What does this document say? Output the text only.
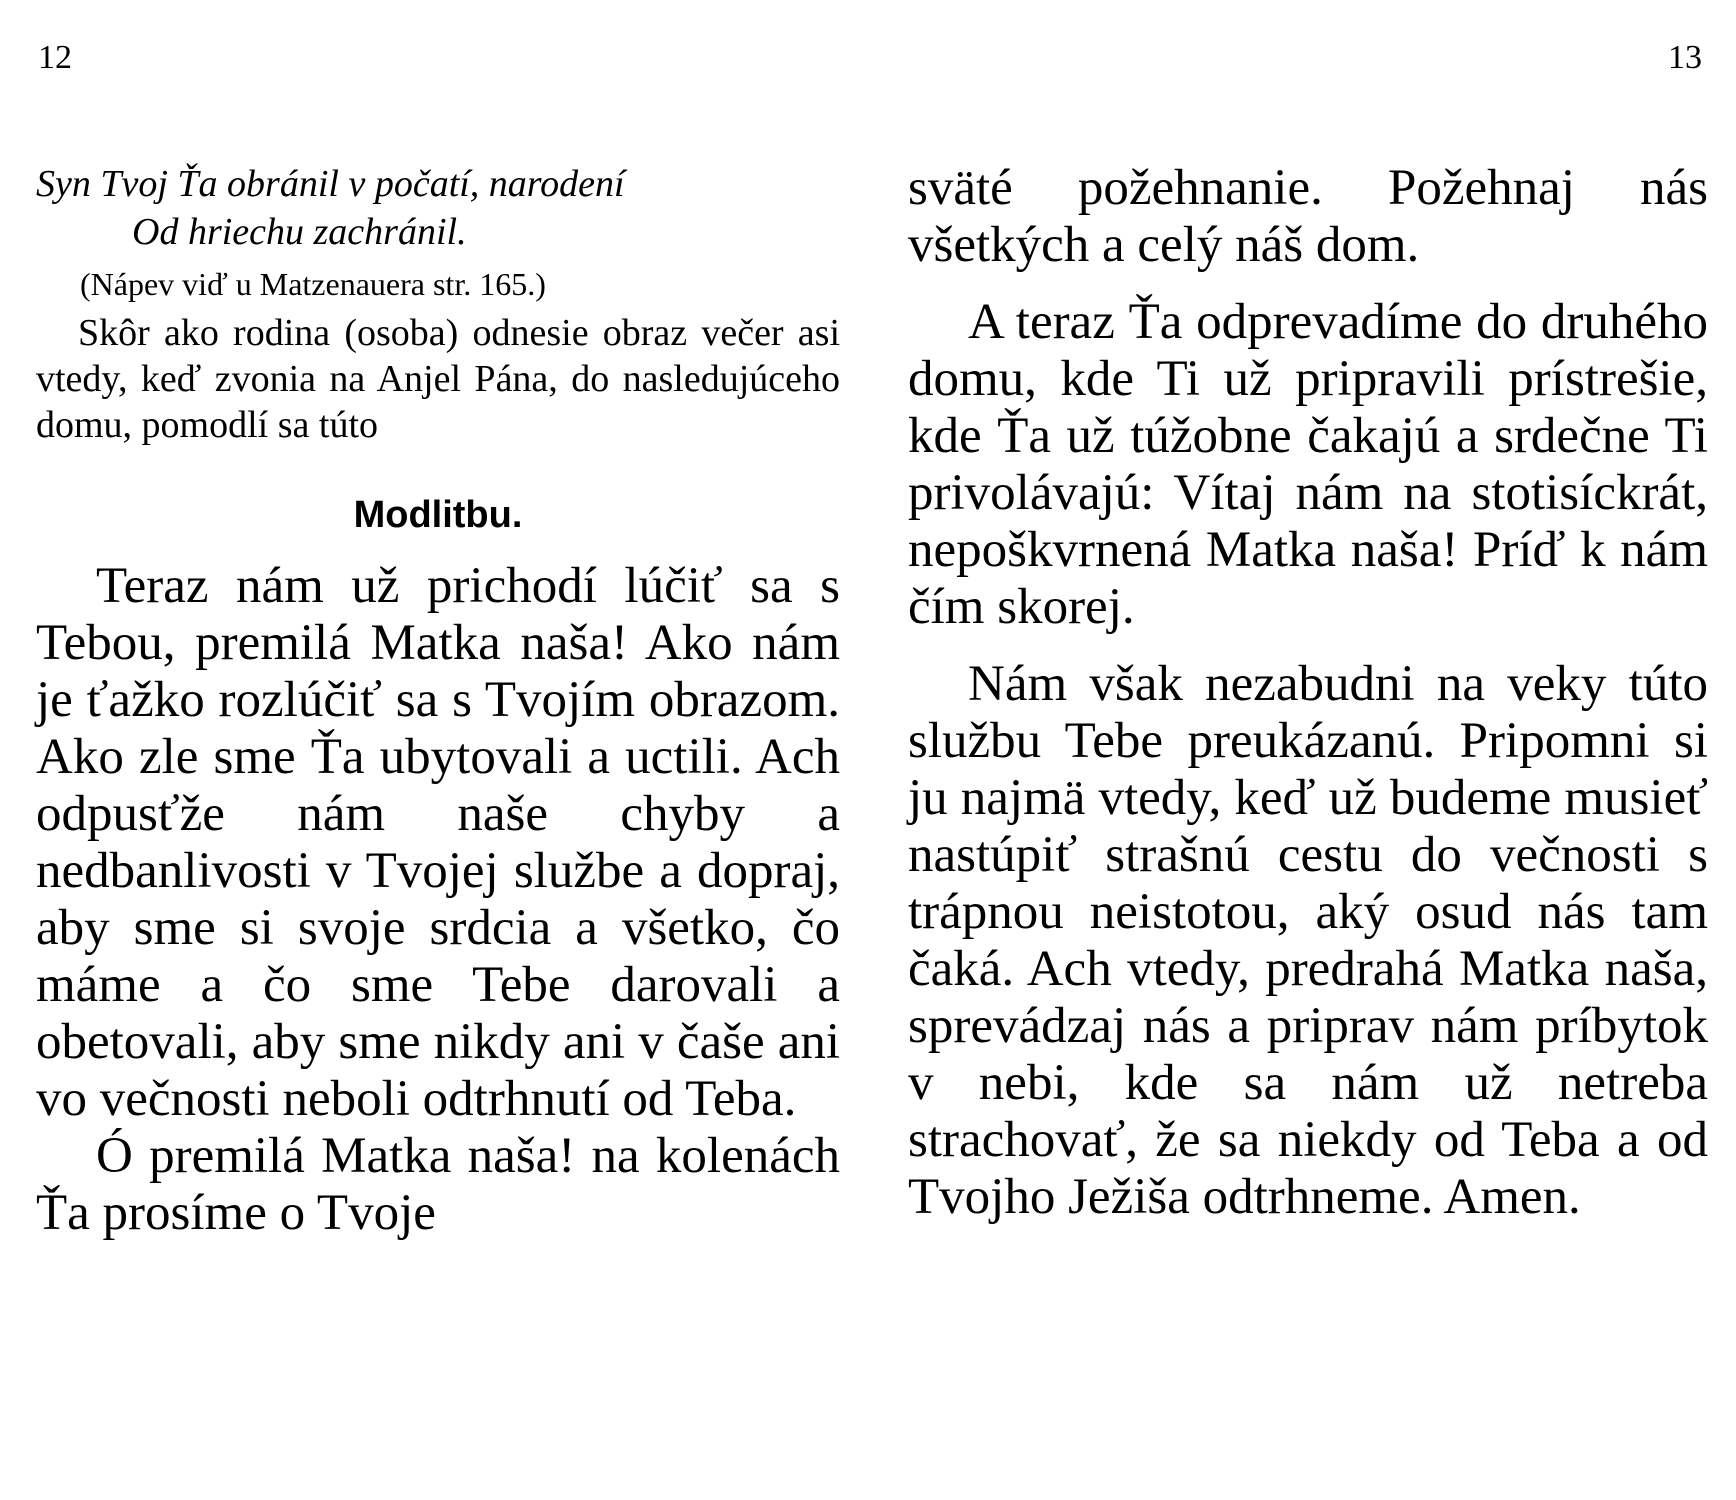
12	13

Syn Tvoj Ťa obránil v počatí, narodení

Od hriechu zachránil.

(Nápev viď u Matzenauera str. 165.)

Skôr ako rodina (osoba) odnesie obraz večer asi vtedy, keď zvonia na Anjel Pána, do nasledujúceho domu, pomodlí sa túto

Modlitbu.

Teraz nám už prichodí lúčiť sa s Tebou, premilá Matka naša! Ako nám je ťažko rozlúčiť sa s Tvojím obrazom. Ako zle sme Ťa ubytovali a uctili. Ach odpusťže nám naše chyby a nedbanlivosti v Tvojej službe a dopraj, aby sme si svoje srdcia a všetko, čo máme a čo sme Tebe darovali a obetovali, aby sme nikdy ani v čaše ani vo večnosti neboli odtrhnutí od Teba.

Ó premilá Matka naša! na kolenách Ťa prosíme o Tvoje

sväté požehnanie. Požehnaj nás všetkých a celý náš dom.

A teraz Ťa odprevadíme do druhého domu, kde Ti už pripravili prístrešie, kde Ťa už túžobne čakajú a srdečne Ti privolávajú: Vítaj nám na stotisíckrát, nepoškvrnená Matka naša! Príď k nám čím skorej.

Nám však nezabudni na veky túto službu Tebe preukázanú. Pripomni si ju najmä vtedy, keď už budeme musieť nastúpiť strašnú cestu do večnosti s trápnou neistotou, aký osud nás tam čaká. Ach vtedy, predrahá Matka naša, sprevádzaj nás a priprav nám príbytok v nebi, kde sa nám už netreba strachovať, že sa niekdy od Teba a od Tvojho Ježiša odtrhneme. Amen.
